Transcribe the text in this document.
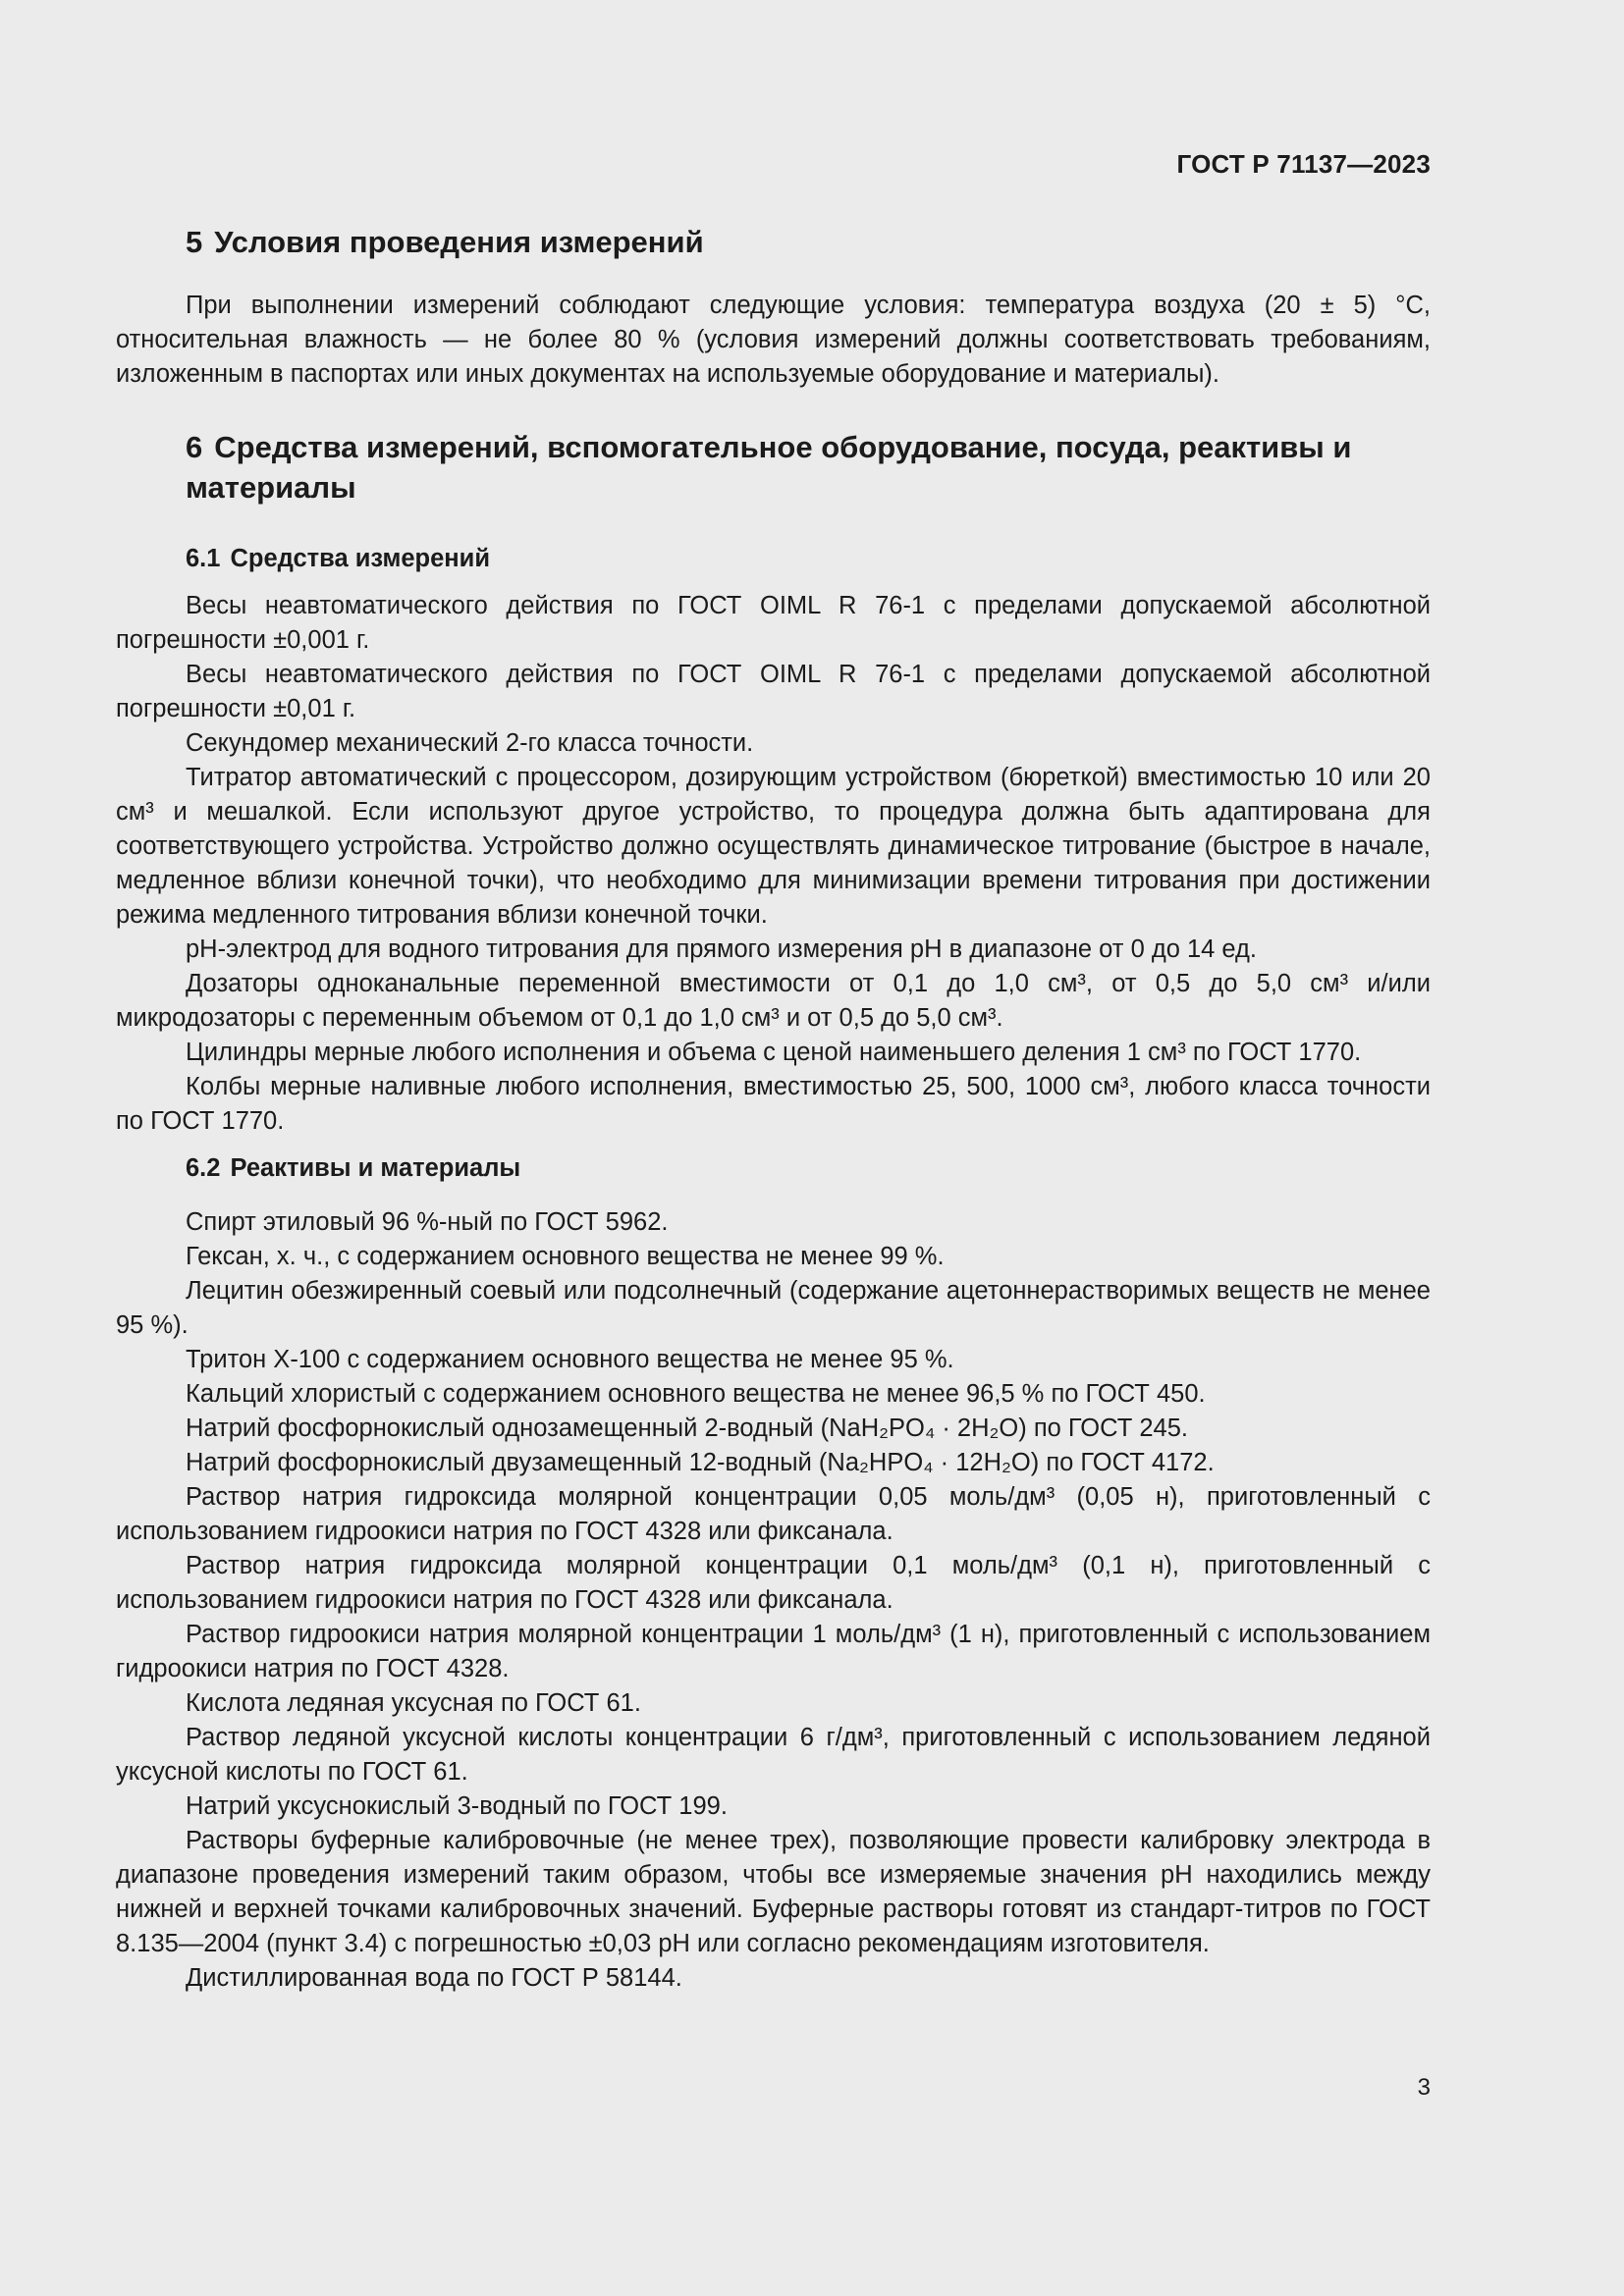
ГОСТ Р 71137—2023
5 Условия проведения измерений

При выполнении измерений соблюдают следующие условия: температура воздуха (20 ± 5) °С, относительная влажность — не более 80 % (условия измерений должны соответствовать требованиям, изложенным в паспортах или иных документах на используемые оборудование и материалы).

6 Средства измерений, вспомогательное оборудование, посуда, реактивы и материалы
6.1 Средства измерений

Весы неавтоматического действия по ГОСТ OIML R 76-1 с пределами допускаемой абсолютной погрешности ±0,001 г.

Весы неавтоматического действия по ГОСТ OIML R 76-1 с пределами допускаемой абсолютной погрешности ±0,01 г.

Секундомер механический 2-го класса точности.

Титратор автоматический с процессором, дозирующим устройством (бюреткой) вместимостью 10 или 20 см³ и мешалкой. Если используют другое устройство, то процедура должна быть адаптирована для соответствующего устройства. Устройство должно осуществлять динамическое титрование (быстрое в начале, медленное вблизи конечной точки), что необходимо для минимизации времени титрования при достижении режима медленного титрования вблизи конечной точки.

рН-электрод для водного титрования для прямого измерения рН в диапазоне от 0 до 14 ед.

Дозаторы одноканальные переменной вместимости от 0,1 до 1,0 см³, от 0,5 до 5,0 см³ и/или микродозаторы с переменным объемом от 0,1 до 1,0 см³ и от 0,5 до 5,0 см³.

Цилиндры мерные любого исполнения и объема с ценой наименьшего деления 1 см³ по ГОСТ 1770.

Колбы мерные наливные любого исполнения, вместимостью 25, 500, 1000 см³, любого класса точности по ГОСТ 1770.

6.2 Реактивы и материалы

Спирт этиловый 96 %-ный по ГОСТ 5962.

Гексан, х. ч., с содержанием основного вещества не менее 99 %.

Лецитин обезжиренный соевый или подсолнечный (содержание ацетоннерастворимых веществ не менее 95 %).

Тритон Х-100 с содержанием основного вещества не менее 95 %.

Кальций хлористый с содержанием основного вещества не менее 96,5 % по ГОСТ 450.

Натрий фосфорнокислый однозамещенный 2-водный (NaH₂PO₄ · 2H₂O) по ГОСТ 245.

Натрий фосфорнокислый двузамещенный 12-водный (Na₂HPO₄ · 12H₂O) по ГОСТ 4172.

Раствор натрия гидроксида молярной концентрации 0,05 моль/дм³ (0,05 н), приготовленный с использованием гидроокиси натрия по ГОСТ 4328 или фиксанала.

Раствор натрия гидроксида молярной концентрации 0,1 моль/дм³ (0,1 н), приготовленный с использованием гидроокиси натрия по ГОСТ 4328 или фиксанала.

Раствор гидроокиси натрия молярной концентрации 1 моль/дм³ (1 н), приготовленный с использованием гидроокиси натрия по ГОСТ 4328.

Кислота ледяная уксусная по ГОСТ 61.

Раствор ледяной уксусной кислоты концентрации 6 г/дм³, приготовленный с использованием ледяной уксусной кислоты по ГОСТ 61.

Натрий уксуснокислый 3-водный по ГОСТ 199.

Растворы буферные калибровочные (не менее трех), позволяющие провести калибровку электрода в диапазоне проведения измерений таким образом, чтобы все измеряемые значения рН находились между нижней и верхней точками калибровочных значений. Буферные растворы готовят из стандарт-титров по ГОСТ 8.135—2004 (пункт 3.4) с погрешностью ±0,03 рН или согласно рекомендациям изготовителя.

Дистиллированная вода по ГОСТ Р 58144.

3
